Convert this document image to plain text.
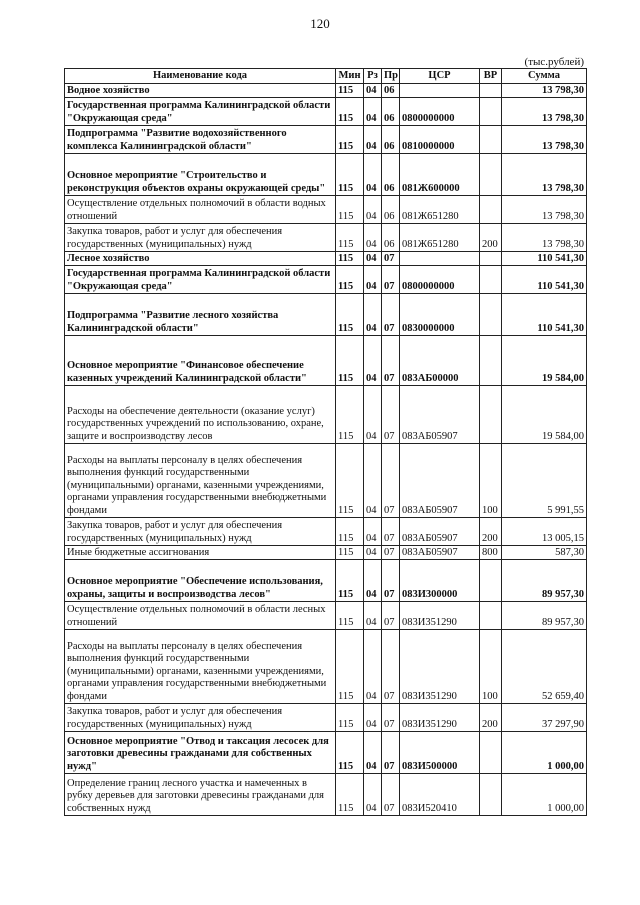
120
(тыс.рублей)
Наименование кода	Мин	Рз	Пр	ЦСР	ВР	Сумма
Водное хозяйство	115	04	06			13 798,30
Государственная программа Калининградской области "Окружающая среда"	115	04	06	0800000000		13 798,30
Подпрограмма "Развитие водохозяйственного комплекса Калининградской области"	115	04	06	0810000000		13 798,30
Основное мероприятие "Строительство и реконструкция объектов охраны окружающей среды"	115	04	06	081Ж600000		13 798,30
Осуществление отдельных полномочий в области водных отношений	115	04	06	081Ж651280		13 798,30
Закупка товаров, работ и услуг для обеспечения государственных (муниципальных) нужд	115	04	06	081Ж651280	200	13 798,30
Лесное хозяйство	115	04	07			110 541,30
Государственная программа Калининградской области "Окружающая среда"	115	04	07	0800000000		110 541,30
Подпрограмма "Развитие лесного хозяйства Калининградской области"	115	04	07	0830000000		110 541,30
Основное мероприятие "Финансовое обеспечение казенных учреждений Калининградской области"	115	04	07	083АБ00000		19 584,00
Расходы на обеспечение деятельности (оказание услуг) государственных учреждений по использованию, охране, защите и воспроизводству лесов	115	04	07	083АБ05907		19 584,00
Расходы на выплаты персоналу в целях обеспечения выполнения функций государственными (муниципальными) органами, казенными учреждениями, органами управления государственными внебюджетными фондами	115	04	07	083АБ05907	100	5 991,55
Закупка товаров, работ и услуг для обеспечения государственных (муниципальных) нужд	115	04	07	083АБ05907	200	13 005,15
Иные бюджетные ассигнования	115	04	07	083АБ05907	800	587,30
Основное мероприятие "Обеспечение использования, охраны, защиты и воспроизводства лесов"	115	04	07	083И300000		89 957,30
Осуществление отдельных полномочий в области лесных отношений	115	04	07	083И351290		89 957,30
Расходы на выплаты персоналу в целях обеспечения выполнения функций государственными (муниципальными) органами, казенными учреждениями, органами управления государственными внебюджетными фондами	115	04	07	083И351290	100	52 659,40
Закупка товаров, работ и услуг для обеспечения государственных (муниципальных) нужд	115	04	07	083И351290	200	37 297,90
Основное мероприятие "Отвод и таксация лесосек для заготовки древесины гражданами для собственных нужд"	115	04	07	083И500000		1 000,00
Определение границ лесного участка и намеченных в рубку деревьев для заготовки древесины гражданами для собственных нужд	115	04	07	083И520410		1 000,00
